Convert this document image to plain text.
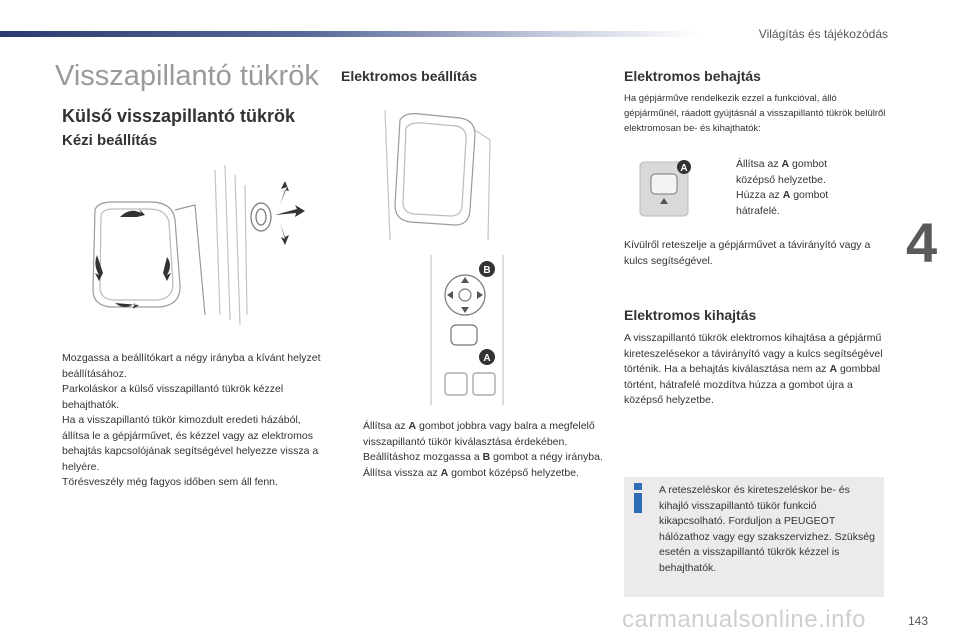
Világítás és tájékozódás
4
Visszapillantó tükrök
Külső visszapillantó tükrök
Kézi beállítás

Mozgassa a beállítókart a négy irányba a kívánt helyzet beállításához.

Parkoláskor a külső visszapillantó tükrök kézzel behajthatók.

Ha a visszapillantó tükör kimozdult eredeti házából, állítsa le a gépjárművet, és kézzel vagy az elektromos behajtás kapcsolójának segítségével helyezze vissza a helyére.

Törésveszély még fagyos időben sem áll fenn.

Elektromos beállítás
B
A
Állítsa az A gombot jobbra vagy balra a megfelelő visszapillantó tükör kiválasztása érdekében.
Beállításhoz mozgassa a B gombot a négy irányba.
Állítsa vissza az A gombot középső helyzetbe.
Elektromos behajtás

Ha gépjárműve rendelkezik ezzel a funkcióval, álló gépjárműnél, ráadott gyújtásnál a visszapillantó tükrök belülről elektromosan be- és kihajthatók:

A	Állítsa az A gombot középső helyzetbe.
Húzza az A gombot hátrafelé.

Kívülről reteszelje a gépjárművet a távirányító vagy a kulcs segítségével.

Elektromos kihajtás

A visszapillantó tükrök elektromos kihajtása a gépjármű kireteszelésekor a távirányító vagy a kulcs segítségével történik. Ha a behajtás kiválasztása nem az A gombbal történt, hátrafelé mozdítva húzza a gombot újra a középső helyzetbe.

A reteszeléskor és kireteszeléskor be- és kihajló visszapillantó tükör funkció kikapcsolható. Forduljon a PEUGEOT hálózathoz vagy egy szakszervizhez. Szükség esetén a visszapillantó tükrök kézzel is behajthatók.
carmanualsonline.info	143
